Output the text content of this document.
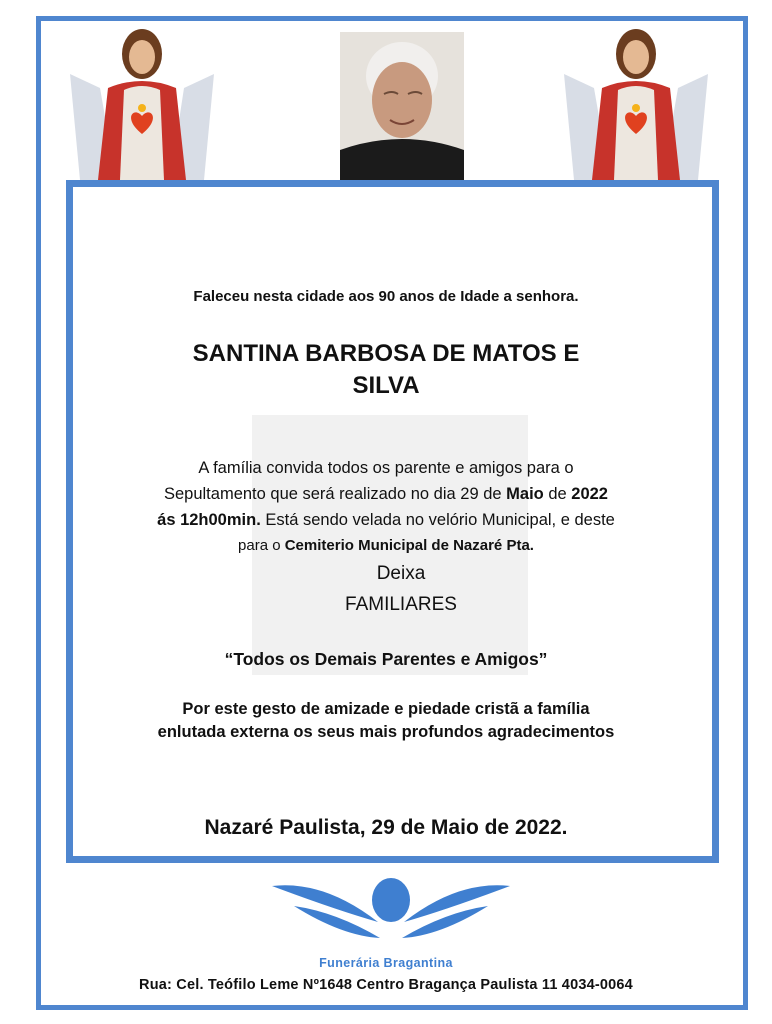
Faleceu nesta cidade aos 90 anos de Idade a senhora.
SANTINA BARBOSA DE MATOS E
SILVA
A família convida todos os parente e amigos para o
Sepultamento que será realizado no dia 29 de Maio de 2022
ás 12h00min. Está sendo velada no velório Municipal, e deste
para o Cemiterio Municipal de Nazaré Pta.
Deixa
FAMILIARES
“Todos os Demais Parentes e Amigos”
Por este gesto de amizade e piedade cristã a família
enlutada externa os seus mais profundos agradecimentos
Nazaré Paulista, 29 de Maio de 2022.
Funerária Bragantina
Rua: Cel. Teófilo Leme Nº1648 Centro Bragança Paulista 11 4034-0064
